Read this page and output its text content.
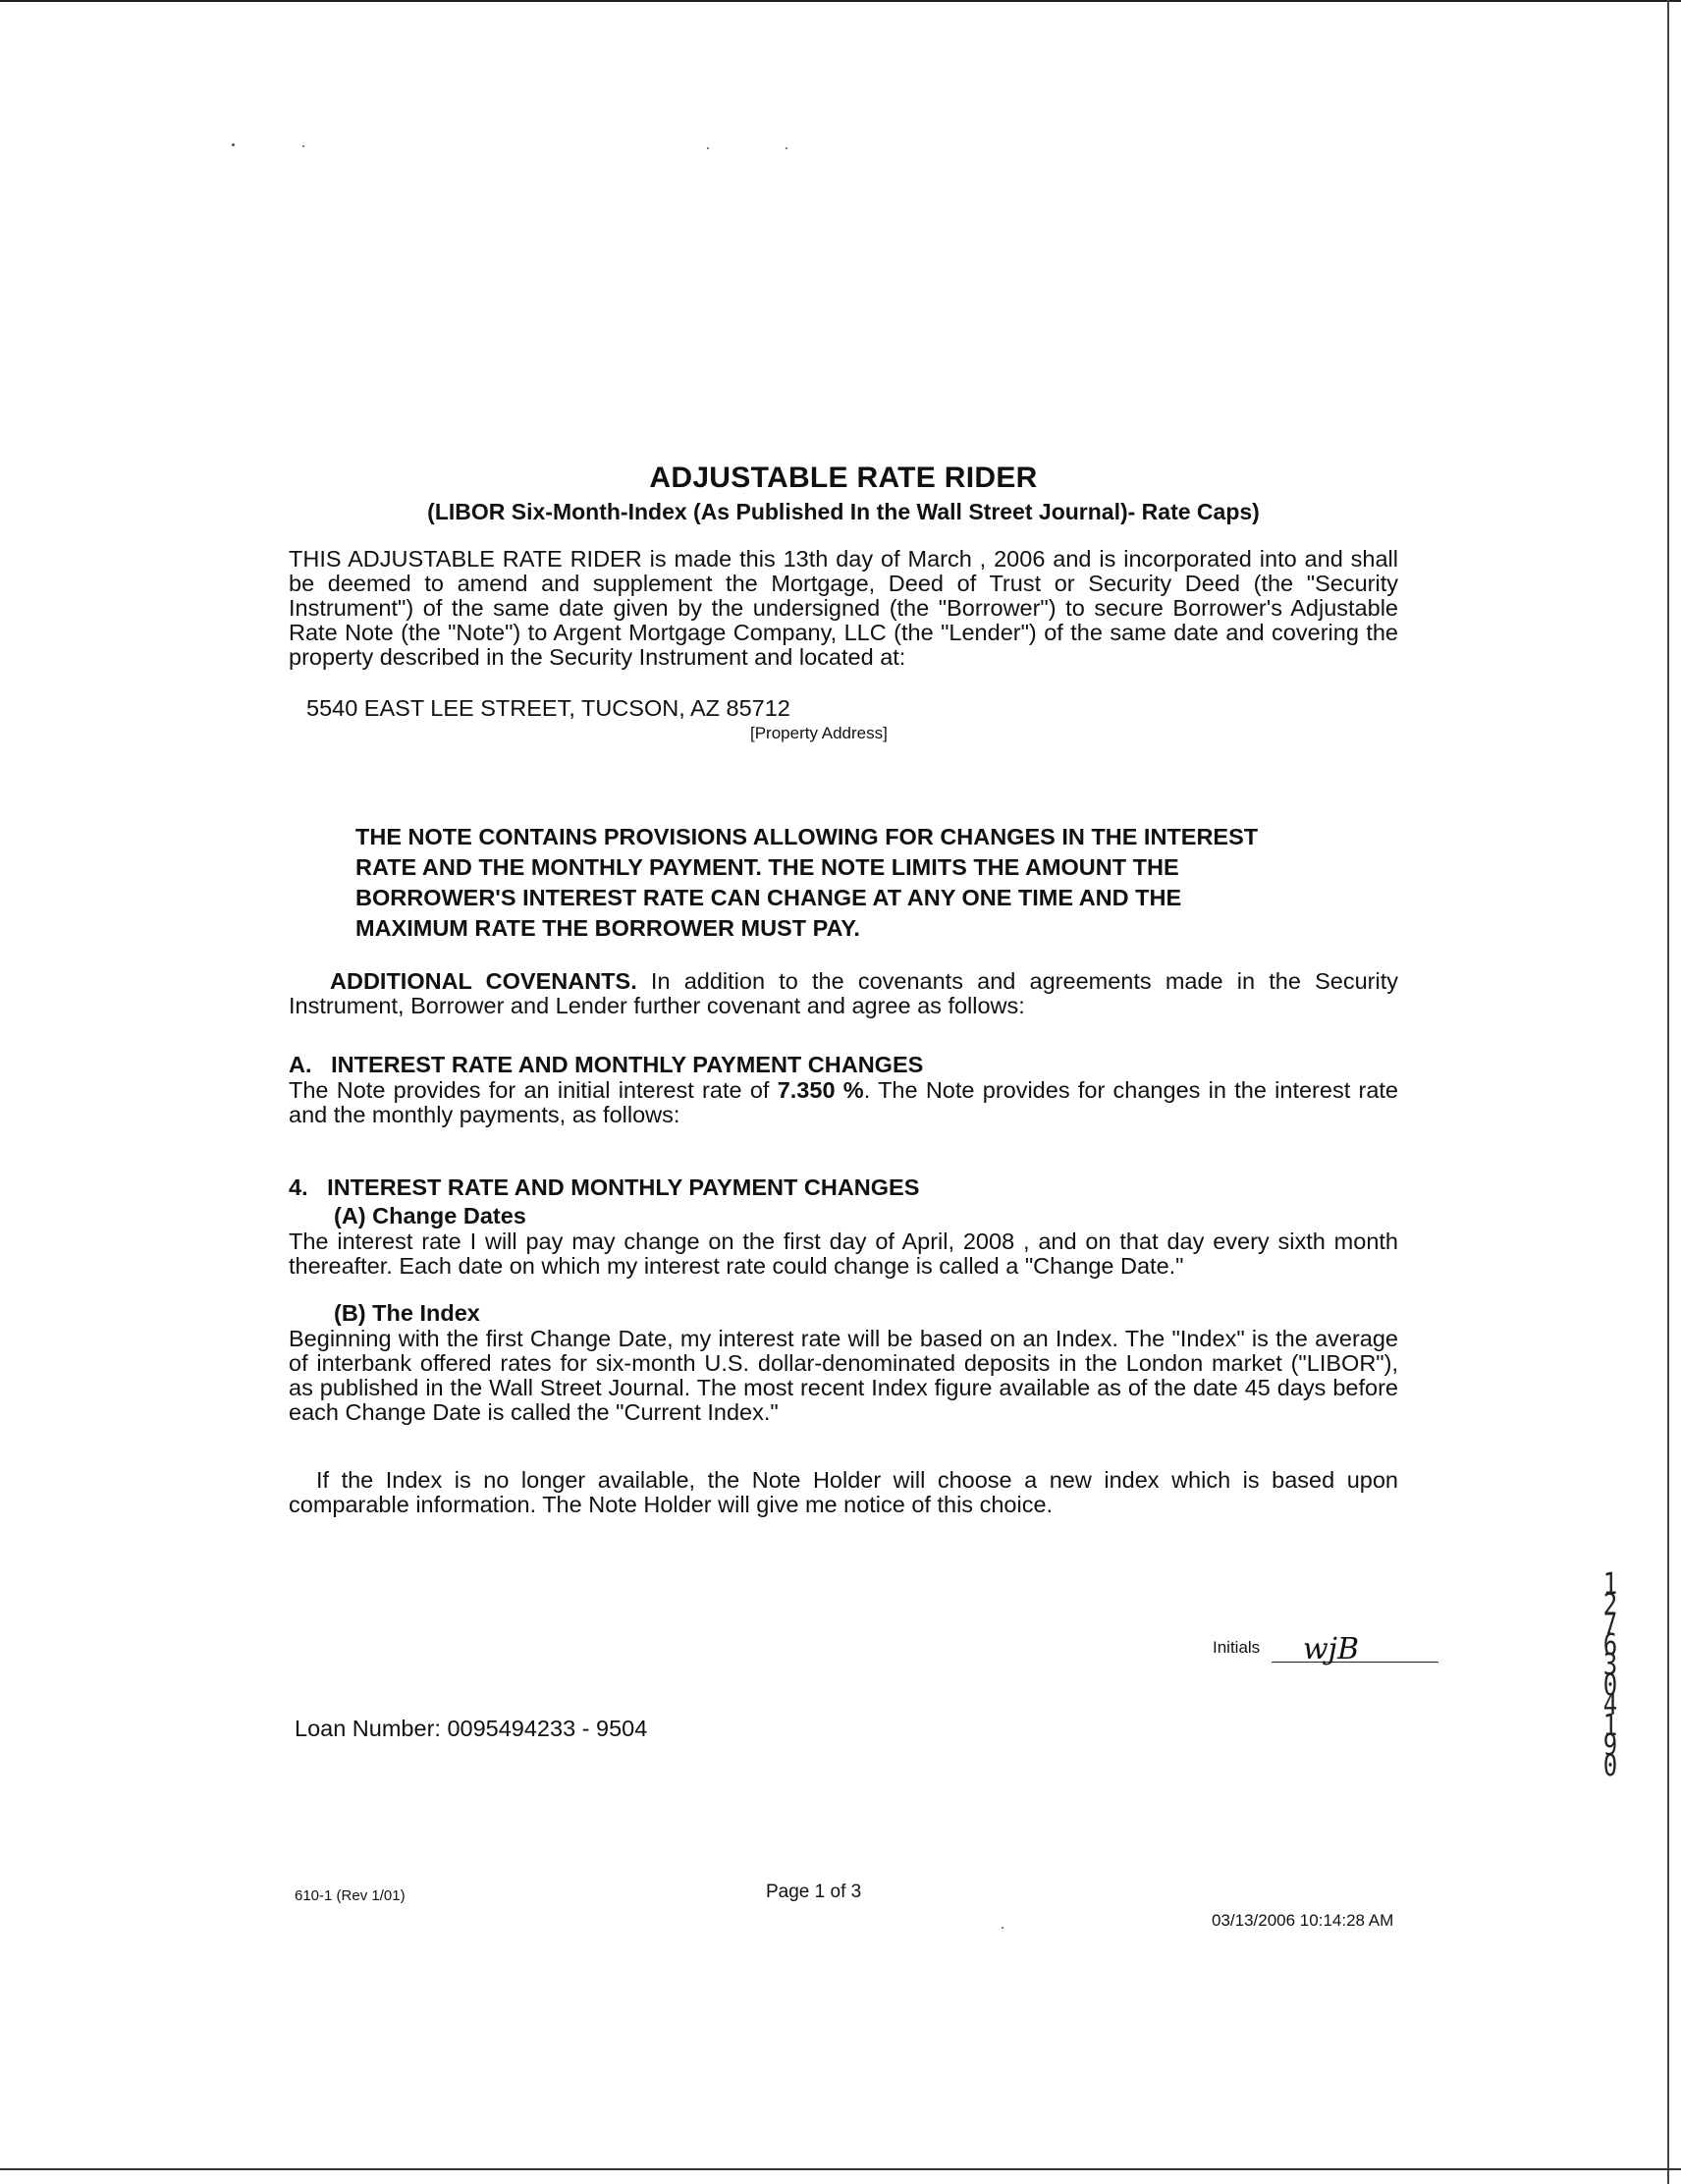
ADJUSTABLE RATE RIDER

(LIBOR Six-Month-Index (As Published In the Wall Street Journal)- Rate Caps)

THIS ADJUSTABLE RATE RIDER is made this 13th day of March , 2006 and is incorporated into and shall be deemed to amend and supplement the Mortgage, Deed of Trust or Security Deed (the "Security Instrument") of the same date given by the undersigned (the "Borrower") to secure Borrower's Adjustable Rate Note (the "Note") to Argent Mortgage Company, LLC (the "Lender") of the same date and covering the property described in the Security Instrument and located at:

5540 EAST LEE STREET, TUCSON, AZ 85712

[Property Address]

THE NOTE CONTAINS PROVISIONS ALLOWING FOR CHANGES IN THE INTEREST RATE AND THE MONTHLY PAYMENT. THE NOTE LIMITS THE AMOUNT THE BORROWER'S INTEREST RATE CAN CHANGE AT ANY ONE TIME AND THE MAXIMUM RATE THE BORROWER MUST PAY.

ADDITIONAL COVENANTS. In addition to the covenants and agreements made in the Security Instrument, Borrower and Lender further covenant and agree as follows:

A.   INTEREST RATE AND MONTHLY PAYMENT CHANGES

The Note provides for an initial interest rate of 7.350 %. The Note provides for changes in the interest rate and the monthly payments, as follows:

4.   INTEREST RATE AND MONTHLY PAYMENT CHANGES

(A) Change Dates

The interest rate I will pay may change on the first day of April, 2008 , and on that day every sixth month thereafter. Each date on which my interest rate could change is called a "Change Date."

(B) The Index

Beginning with the first Change Date, my interest rate will be based on an Index. The "Index" is the average of interbank offered rates for six-month U.S. dollar-denominated deposits in the London market ("LIBOR"), as published in the Wall Street Journal. The most recent Index figure available as of the date 45 days before each Change Date is called the "Current Index."

If the Index is no longer available, the Note Holder will choose a new index which is based upon comparable information. The Note Holder will give me notice of this choice.

Initials wjB
Loan Number: 0095494233 - 9504
610-1 (Rev 1/01)	Page 1 of 3
03/13/2006 10:14:28 AM
12763 04190
